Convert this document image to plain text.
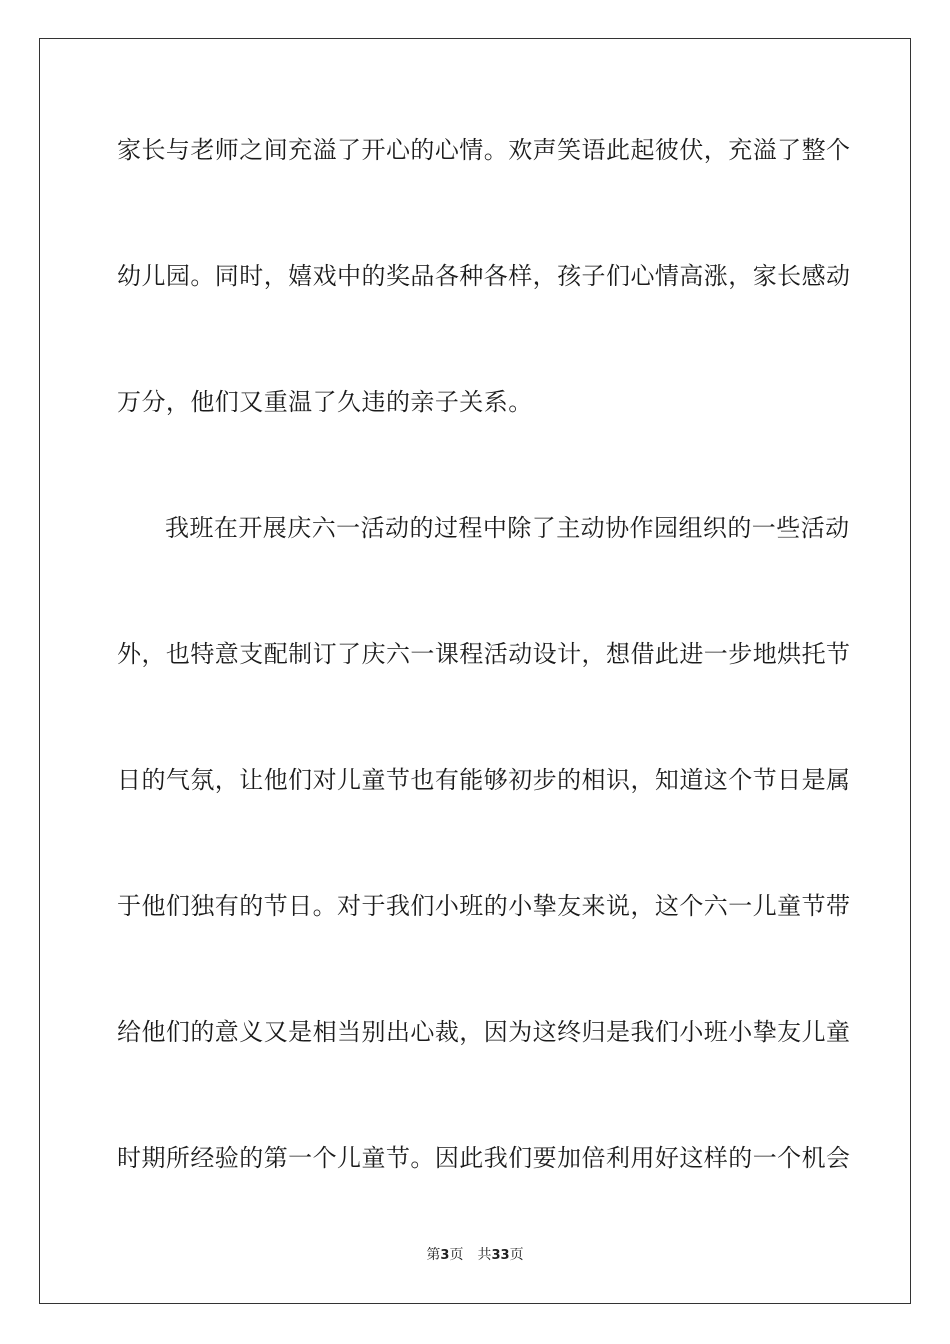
家长与老师之间充溢了开心的心情。欢声笑语此起彼伏，充溢了整个
幼儿园。同时，嬉戏中的奖品各种各样，孩子们心情高涨，家长感动
万分，他们又重温了久违的亲子关系。
我班在开展庆六一活动的过程中除了主动协作园组织的一些活动
外，也特意支配制订了庆六一课程活动设计，想借此进一步地烘托节
日的气氛，让他们对儿童节也有能够初步的相识，知道这个节日是属
于他们独有的节日。对于我们小班的小挚友来说，这个六一儿童节带
给他们的意义又是相当别出心裁，因为这终归是我们小班小挚友儿童
时期所经验的第一个儿童节。因此我们要加倍利用好这样的一个机会
第3页 共33页
